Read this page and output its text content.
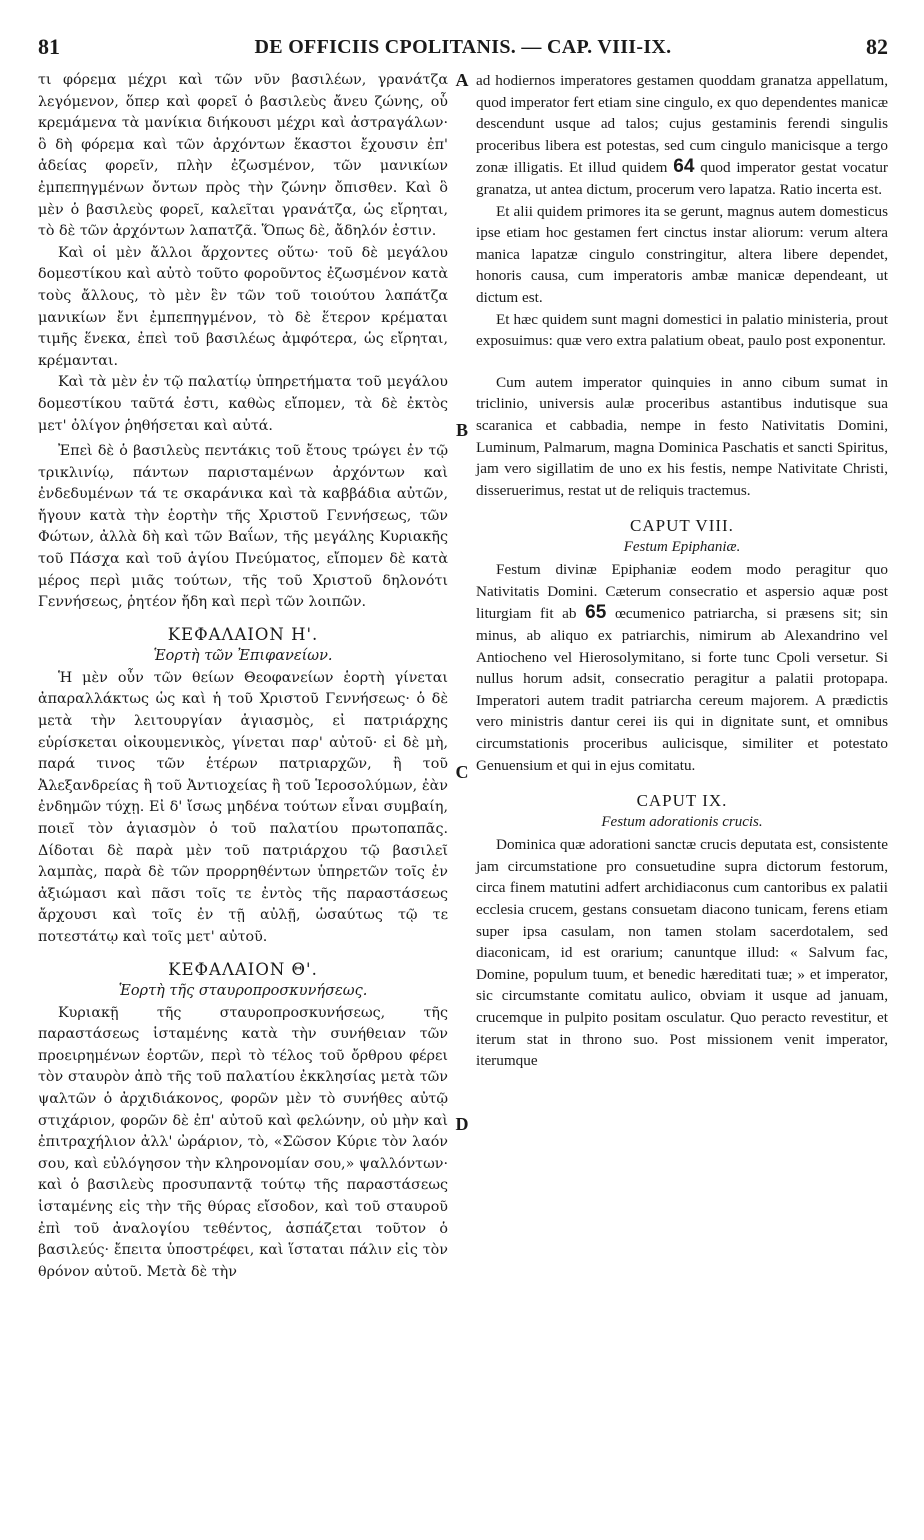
81	DE OFFICIIS CPOLITANIS. — CAP. VIII-IX.	82
A
B
C
D

τι φόρεμα μέχρι καὶ τῶν νῦν βασιλέων, γρανάτζα λεγόμενον, ὅπερ καὶ φορεῖ ὁ βασιλεὺς ἄνευ ζώνης, οὗ κρεμάμενα τὰ μανίκια διήκουσι μέχρι καὶ ἀστραγάλων· ὃ δὴ φόρεμα καὶ τῶν ἀρχόντων ἕκαστοι ἔχουσιν ἐπ' ἀδείας φορεῖν, πλὴν ἐζωσμένον, τῶν μανικίων ἐμπεπηγμένων ὄντων πρὸς τὴν ζώνην ὄπισθεν. Καὶ ὃ μὲν ὁ βασιλεὺς φορεῖ, καλεῖται γρανάτζα, ὡς εἴρηται, τὸ δὲ τῶν ἀρχόντων λαπατζᾶ. Ὅπως δὲ, ἄδηλόν ἐστιν.

Καὶ οἱ μὲν ἄλλοι ἄρχοντες οὕτω· τοῦ δὲ μεγάλου δομεστίκου καὶ αὐτὸ τοῦτο φοροῦντος ἐζωσμένον κατὰ τοὺς ἄλλους, τὸ μὲν ἓν τῶν τοῦ τοιούτου λαπάτζα μανικίων ἔνι ἐμπεπηγμένον, τὸ δὲ ἕτερον κρέμαται τιμῆς ἕνεκα, ἐπεὶ τοῦ βασιλέως ἀμφότερα, ὡς εἴρηται, κρέμανται.

Καὶ τὰ μὲν ἐν τῷ παλατίῳ ὑπηρετήματα τοῦ μεγάλου δομεστίκου ταῦτά ἐστι, καθὼς εἴπομεν, τὰ δὲ ἐκτὸς μετ' ὀλίγον ῥηθήσεται καὶ αὐτά.

Ἐπεὶ δὲ ὁ βασιλεὺς πεντάκις τοῦ ἔτους τρώγει ἐν τῷ τρικλινίῳ, πάντων παρισταμένων ἀρχόντων καὶ ἐνδεδυμένων τά τε σκαράνικα καὶ τὰ καββάδια αὐτῶν, ἤγουν κατὰ τὴν ἑορτὴν τῆς Χριστοῦ Γεννήσεως, τῶν Φώτων, ἀλλὰ δὴ καὶ τῶν Βαΐων, τῆς μεγάλης Κυριακῆς τοῦ Πάσχα καὶ τοῦ ἁγίου Πνεύματος, εἴπομεν δὲ κατὰ μέρος περὶ μιᾶς τούτων, τῆς τοῦ Χριστοῦ δηλονότι Γεννήσεως, ῥητέον ἤδη καὶ περὶ τῶν λοιπῶν.

ΚΕΦΑΛΑΙΟΝ Η'.
Ἑορτὴ τῶν Ἐπιφανείων.

Ἡ μὲν οὖν τῶν θείων Θεοφανείων ἑορτὴ γίνεται ἀπαραλλάκτως ὡς καὶ ἡ τοῦ Χριστοῦ Γεννήσεως· ὁ δὲ μετὰ τὴν λειτουργίαν ἁγιασμὸς, εἰ πατριάρχης εὑρίσκεται οἰκουμενικὸς, γίνεται παρ' αὐτοῦ· εἰ δὲ μὴ, παρά τινος τῶν ἑτέρων πατριαρχῶν, ἢ τοῦ Ἀλεξανδρείας ἢ τοῦ Ἀντιοχείας ἢ τοῦ Ἱεροσολύμων, ἐὰν ἐνδημῶν τύχῃ. Εἰ δ' ἴσως μηδένα τούτων εἶναι συμβαίη, ποιεῖ τὸν ἁγιασμὸν ὁ τοῦ παλατίου πρωτοπαπᾶς. Δίδοται δὲ παρὰ μὲν τοῦ πατριάρχου τῷ βασιλεῖ λαμπὰς, παρὰ δὲ τῶν προρρηθέντων ὑπηρετῶν τοῖς ἐν ἀξιώμασι καὶ πᾶσι τοῖς τε ἐντὸς τῆς παραστάσεως ἄρχουσι καὶ τοῖς ἐν τῇ αὐλῇ, ὡσαύτως τῷ τε ποτεστάτῳ καὶ τοῖς μετ' αὐτοῦ.

ΚΕΦΑΛΑΙΟΝ Θ'.
Ἑορτὴ τῆς σταυροπροσκυνήσεως.

Κυριακῇ τῆς σταυροπροσκυνήσεως, τῆς παραστάσεως ἱσταμένης κατὰ τὴν συνήθειαν τῶν προειρημένων ἑορτῶν, περὶ τὸ τέλος τοῦ ὄρθρου φέρει τὸν σταυρὸν ἀπὸ τῆς τοῦ παλατίου ἐκκλησίας μετὰ τῶν ψαλτῶν ὁ ἀρχιδιάκονος, φορῶν μὲν τὸ συνήθες αὐτῷ στιχάριον, φορῶν δὲ ἐπ' αὐτοῦ καὶ φελώνην, οὐ μὴν καὶ ἐπιτραχήλιον ἀλλ' ὠράριον, τὸ, «Σῶσον Κύριε τὸν λαόν σου, καὶ εὐλόγησον τὴν κληρονομίαν σου,» ψαλλόντων· καὶ ὁ βασιλεὺς προσυπαντᾷ τούτῳ τῆς παραστάσεως ἱσταμένης εἰς τὴν τῆς θύρας εἴσοδον, καὶ τοῦ σταυροῦ ἐπὶ τοῦ ἀναλογίου τεθέντος, ἀσπάζεται τοῦτον ὁ βασιλεύς· ἔπειτα ὑποστρέφει, καὶ ἵσταται πάλιν εἰς τὸν θρόνον αὐτοῦ. Μετὰ δὲ τὴν

ad hodiernos imperatores gestamen quoddam granatza appellatum, quod imperator fert etiam sine cingulo, ex quo dependentes manicæ descendunt usque ad talos; cujus gestaminis ferendi singulis proceribus libera est potestas, sed cum cingulo manicisque a tergo zonæ illigatis. Et illud quidem 64 quod imperator gestat vocatur granatza, ut antea dictum, procerum vero lapatza. Ratio incerta est.

Et alii quidem primores ita se gerunt, magnus autem domesticus ipse etiam hoc gestamen fert cinctus instar aliorum: verum altera manica lapatzæ cingulo constringitur, altera libere dependet, honoris causa, cum imperatoris ambæ manicæ dependeant, ut dictum est.

Et hæc quidem sunt magni domestici in palatio ministeria, prout exposuimus: quæ vero extra palatium obeat, paulo post exponentur.

Cum autem imperator quinquies in anno cibum sumat in triclinio, universis aulæ proceribus astantibus indutisque sua scaranica et cabbadia, nempe in festo Nativitatis Domini, Luminum, Palmarum, magna Dominica Paschatis et sancti Spiritus, jam vero sigillatim de uno ex his festis, nempe Nativitate Christi, disseruerimus, restat ut de reliquis tractemus.

CAPUT VIII.
Festum Epiphaniæ.

Festum divinæ Epiphaniæ eodem modo peragitur quo Nativitatis Domini. Cæterum consecratio et aspersio aquæ post liturgiam fit ab 65 œcumenico patriarcha, si præsens sit; sin minus, ab aliquo ex patriarchis, nimirum ab Alexandrino vel Antiocheno vel Hierosolymitano, si forte tunc Cpoli versetur. Si nullus horum adsit, consecratio peragitur a palatii protopapa. Imperatori autem tradit patriarcha cereum majorem. A prædictis vero ministris dantur cerei iis qui in dignitate sunt, et omnibus circumstationis proceribus aulicisque, similiter et potestato Genuensium et qui in ejus comitatu.

CAPUT IX.
Festum adorationis crucis.

Dominica quæ adorationi sanctæ crucis deputata est, consistente jam circumstatione pro consuetudine supra dictorum festorum, circa finem matutini adfert archidiaconus cum cantoribus ex palatii ecclesia crucem, gestans consuetam diacono tunicam, ferens etiam super ipsa casulam, non tamen stolam sacerdotalem, sed diaconicam, id est orarium; canuntque illud: « Salvum fac, Domine, populum tuum, et benedic hæreditati tuæ; » et imperator, sic circumstante comitatu aulico, obviam it usque ad januam, crucemque in pulpito positam osculatur. Quo peracto revestitur, et iterum stat in throno suo. Post missionem venit imperator, iterumque
